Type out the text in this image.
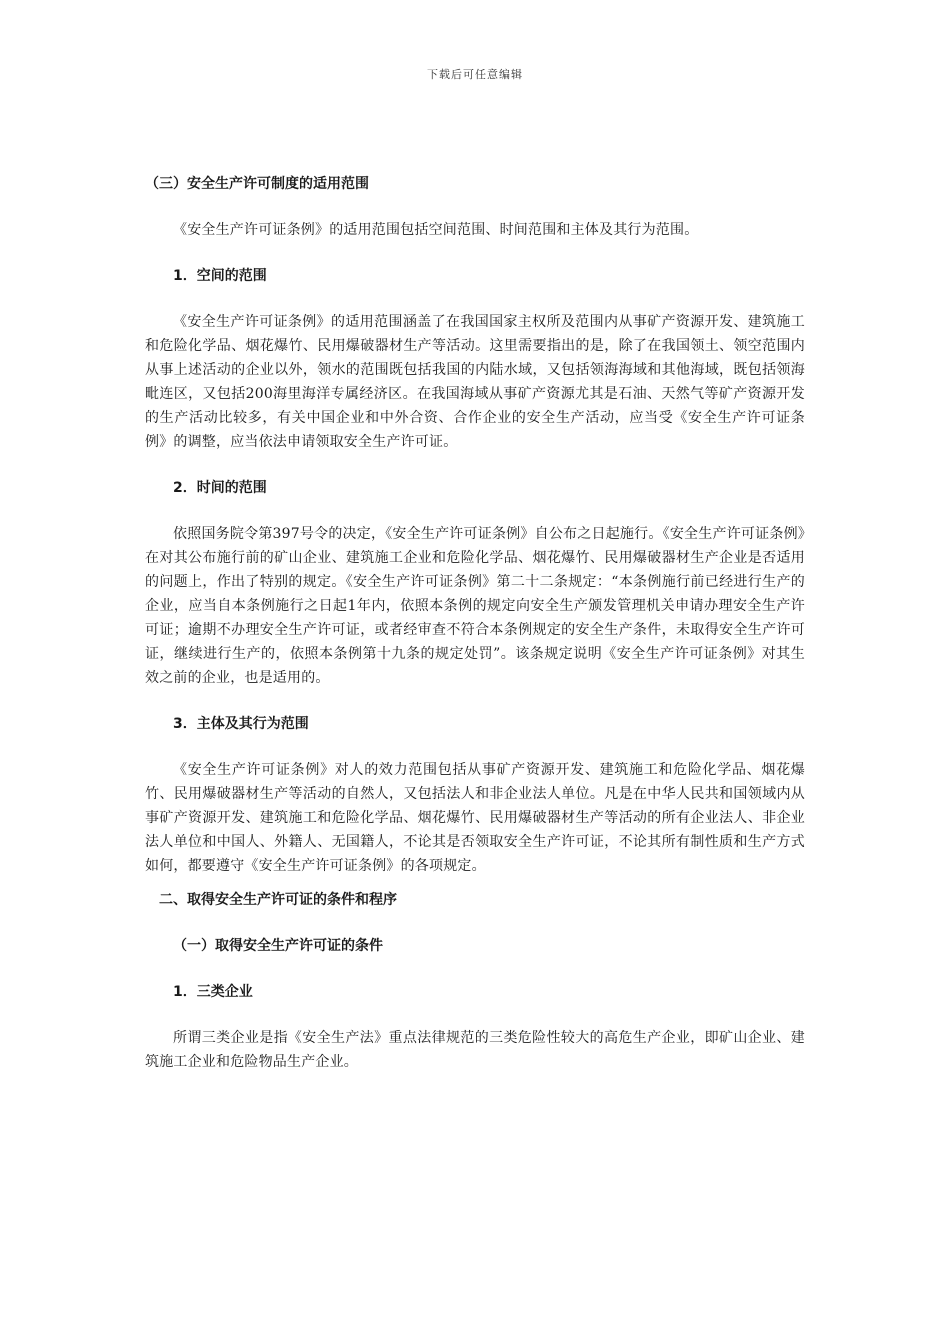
下载后可任意编辑
（三）安全生产许可制度的适用范围

《安全生产许可证条例》的适用范围包括空间范围、时间范围和主体及其行为范围。

1．空间的范围

《安全生产许可证条例》的适用范围涵盖了在我国国家主权所及范围内从事矿产资源开发、建筑施工和危险化学品、烟花爆竹、民用爆破器材生产等活动。这里需要指出的是，除了在我国领土、领空范围内从事上述活动的企业以外，领水的范围既包括我国的内陆水域，又包括领海海域和其他海域，既包括领海毗连区，又包括200海里海洋专属经济区。在我国海域从事矿产资源尤其是石油、天然气等矿产资源开发的生产活动比较多，有关中国企业和中外合资、合作企业的安全生产活动，应当受《安全生产许可证条例》的调整，应当依法申请领取安全生产许可证。

2．时间的范围

依照国务院令第397号令的决定，《安全生产许可证条例》自公布之日起施行。《安全生产许可证条例》在对其公布施行前的矿山企业、建筑施工企业和危险化学品、烟花爆竹、民用爆破器材生产企业是否适用的问题上，作出了特别的规定。《安全生产许可证条例》第二十二条规定：“本条例施行前已经进行生产的企业，应当自本条例施行之日起1年内，依照本条例的规定向安全生产颁发管理机关申请办理安全生产许可证；逾期不办理安全生产许可证，或者经审查不符合本条例规定的安全生产条件，未取得安全生产许可证，继续进行生产的，依照本条例第十九条的规定处罚”。该条规定说明《安全生产许可证条例》对其生效之前的企业，也是适用的。

3．主体及其行为范围

《安全生产许可证条例》对人的效力范围包括从事矿产资源开发、建筑施工和危险化学品、烟花爆竹、民用爆破器材生产等活动的自然人，又包括法人和非企业法人单位。凡是在中华人民共和国领域内从事矿产资源开发、建筑施工和危险化学品、烟花爆竹、民用爆破器材生产等活动的所有企业法人、非企业法人单位和中国人、外籍人、无国籍人，不论其是否领取安全生产许可证，不论其所有制性质和生产方式如何，都要遵守《安全生产许可证条例》的各项规定。

二、取得安全生产许可证的条件和程序
（一）取得安全生产许可证的条件
1．三类企业

所谓三类企业是指《安全生产法》重点法律规范的三类危险性较大的高危生产企业，即矿山企业、建筑施工企业和危险物品生产企业。
